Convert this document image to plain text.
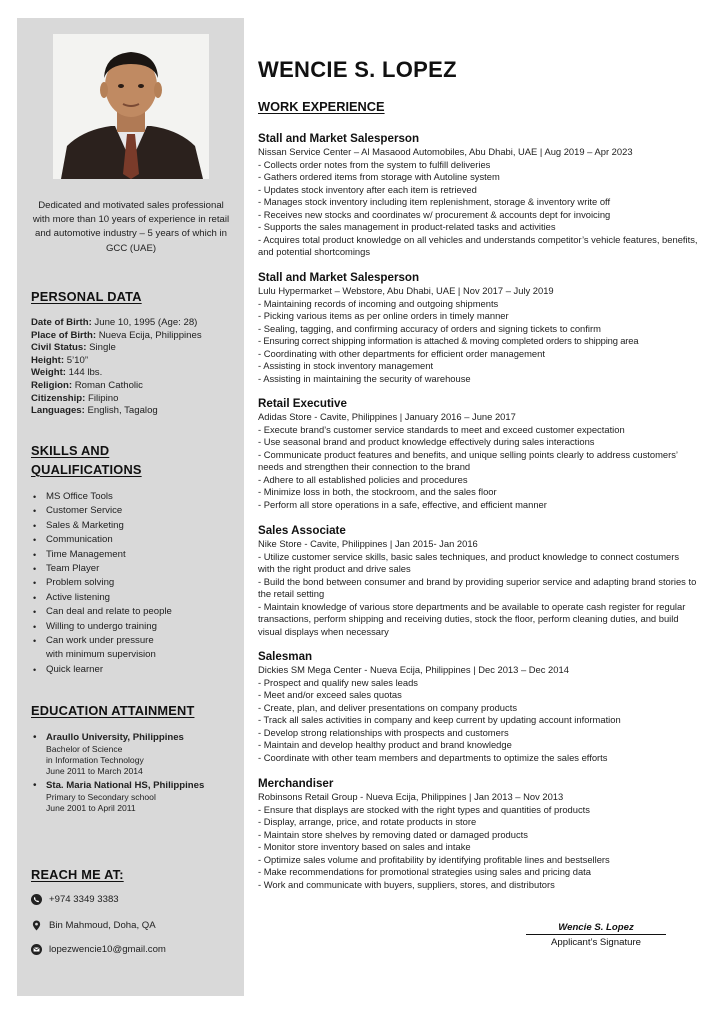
Dedicated and motivated sales professional with more than 10 years of experience in retail and automotive industry – 5 years of which in GCC (UAE)
PERSONAL DATA
Date of Birth: June 10, 1995 (Age: 28)
Place of Birth: Nueva Ecija, Philippines
Civil Status: Single
Height: 5’10”
Weight: 144 lbs.
Religion: Roman Catholic
Citizenship: Filipino
Languages: English, Tagalog
SKILLS AND
QUALIFICATIONS
• MS Office Tools
• Customer Service
• Sales & Marketing
• Communication
• Time Management
• Team Player
• Problem solving
• Active listening
• Can deal and relate to people
• Willing to undergo training
• Can work under pressure
with minimum supervision
• Quick learner
EDUCATION ATTAINMENT
• Araullo University, Philippines
Bachelor of Science
in Information Technology
June 2011 to March 2014
• Sta. Maria National HS, Philippines
Primary to Secondary school
June 2001 to April 2011
REACH ME AT:
+974 3349 3383
Bin Mahmoud, Doha, QA
lopezwencie10@gmail.com
WENCIE S. LOPEZ
WORK EXPERIENCE
Stall and Market Salesperson
Nissan Service Center – Al Masaood Automobiles, Abu Dhabi, UAE | Aug 2019 – Apr 2023
- Collects order notes from the system to fulfill deliveries
- Gathers ordered items from storage with Autoline system
- Updates stock inventory after each item is retrieved
- Manages stock inventory including item replenishment, storage & inventory write off
- Receives new stocks and coordinates w/ procurement & accounts dept for invoicing
- Supports the sales management in product-related tasks and activities
- Acquires total product knowledge on all vehicles and understands competitor’s vehicle features, benefits, and potential shortcomings
Stall and Market Salesperson
Lulu Hypermarket – Webstore, Abu Dhabi, UAE | Nov 2017 – July 2019
- Maintaining records of incoming and outgoing shipments
- Picking various items as per online orders in timely manner
- Sealing, tagging, and confirming accuracy of orders and signing tickets to confirm
- Ensuring correct shipping information is attached & moving completed orders to shipping area
- Coordinating with other departments for efficient order management
- Assisting in stock inventory management
- Assisting in maintaining the security of warehouse
Retail Executive
Adidas Store - Cavite, Philippines | January 2016 – June 2017
- Execute brand’s customer service standards to meet and exceed customer expectation
- Use seasonal brand and product knowledge effectively during sales interactions
- Communicate product features and benefits, and unique selling points clearly to address customers’ needs and strengthen their connection to the brand
- Adhere to all established policies and procedures
- Minimize loss in both, the stockroom, and the sales floor
- Perform all store operations in a safe, effective, and efficient manner
Sales Associate
Nike Store - Cavite, Philippines | Jan 2015- Jan 2016
- Utilize customer service skills, basic sales techniques, and product knowledge to connect costumers with the right product and drive sales
- Build the bond between consumer and brand by providing superior service and adapting brand stories to the retail setting
- Maintain knowledge of various store departments and be available to operate cash register for regular transactions, perform shipping and receiving duties, stock the floor, perform cleaning duties, and build visual displays when necessary
Salesman
Dickies SM Mega Center - Nueva Ecija, Philippines | Dec 2013 – Dec 2014
- Prospect and qualify new sales leads
- Meet and/or exceed sales quotas
- Create, plan, and deliver presentations on company products
- Track all sales activities in company and keep current by updating account information
- Develop strong relationships with prospects and customers
- Maintain and develop healthy product and brand knowledge
- Coordinate with other team members and departments to optimize the sales efforts
Merchandiser
Robinsons Retail Group - Nueva Ecija, Philippines | Jan 2013 – Nov 2013
- Ensure that displays are stocked with the right types and quantities of products
- Display, arrange, price, and rotate products in store
- Maintain store shelves by removing dated or damaged products
- Monitor store inventory based on sales and intake
- Optimize sales volume and profitability by identifying profitable lines and bestsellers
- Make recommendations for promotional strategies using sales and pricing data
- Work and communicate with buyers, suppliers, stores, and distributors
Wencie S. Lopez
Applicant’s Signature
